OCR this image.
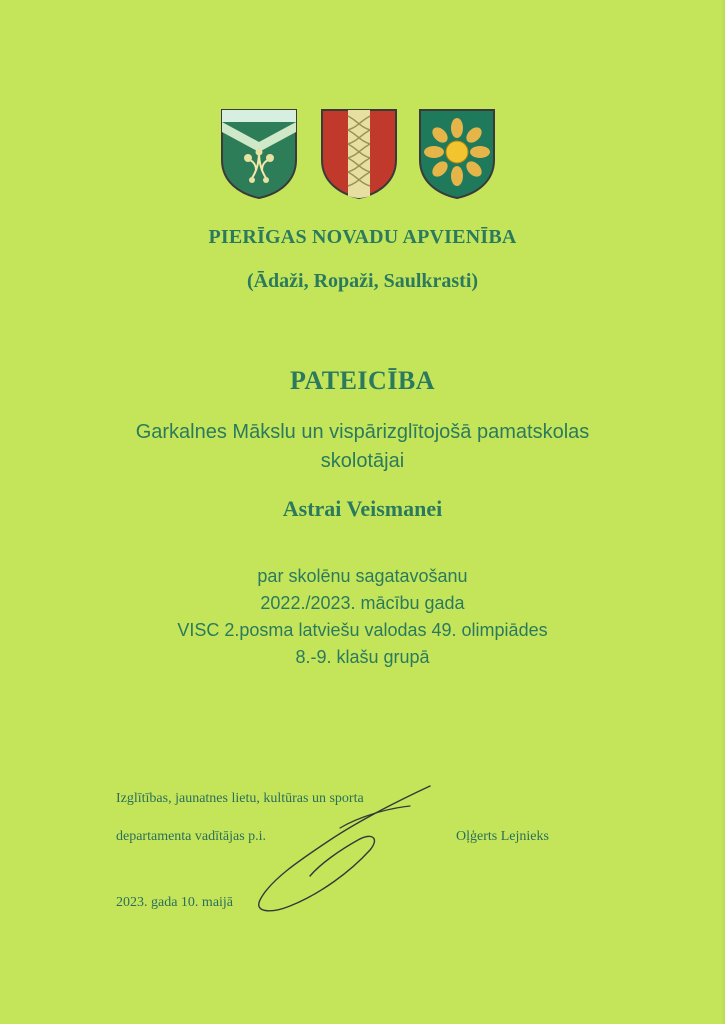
PIERĪGAS NOVADU APVIENĪBA
(Ādaži, Ropaži, Saulkrasti)
PATEICĪBA
Garkalnes Mākslu un vispārizglītojošā pamatskolas
skolotājai
Astrai Veismanei
par skolēnu sagatavošanu
2022./2023. mācību gada
VISC 2.posma latviešu valodas 49. olimpiādes
8.-9. klašu grupā
Izglītības, jaunatnes lietu, kultūras un sporta
departamenta vadītājas p.i.	Oļģerts Lejnieks
2023. gada 10. maijā
